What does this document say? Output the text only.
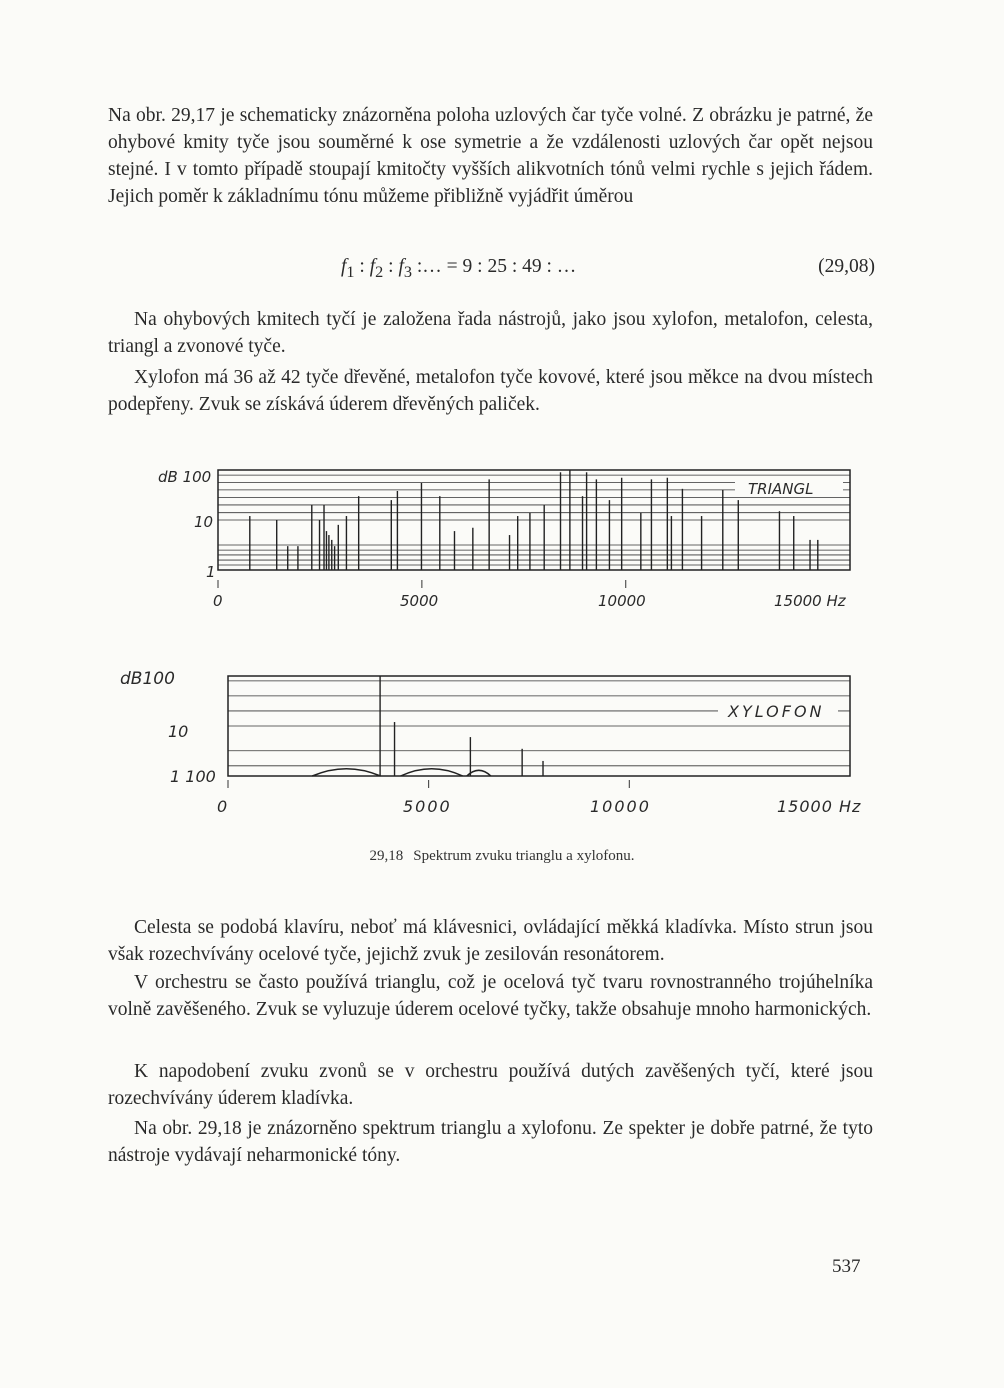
Na obr. 29,17 je schematicky znázorněna poloha uzlových čar tyče volné. Z obrázku je patrné, že ohybové kmity tyče jsou souměrné k ose symetrie a že vzdálenosti uzlových čar opět nejsou stejné. I v tomto případě stoupají kmitočty vyšších alikvotních tónů velmi rychle s jejich řádem. Jejich poměr k základnímu tónu můžeme přibližně vyjádřit úměrou

$f_1$ : $f_2$ : $f_3$ :… = 9 : 25 : 49 : …	(29,08)

Na ohybových kmitech tyčí je založena řada nástrojů, jako jsou xylofon, metalofon, celesta, triangl a zvonové tyče.

Xylofon má 36 až 42 tyče dřevěné, metalofon tyče kovové, které jsou měkce na dvou místech podepřeny. Zvuk se získává úderem dřevěných paliček.

TRIANGL
dB 100
10
1
0	5000	10000	15000 Hz
XYLOFON
dB100
10
1 100
0	5000	10000	15000 Hz
29,18 Spektrum zvuku trianglu a xylofonu.

Celesta se podobá klavíru, neboť má klávesnici, ovládající měkká kladívka. Místo strun jsou však rozechvívány ocelové tyče, jejichž zvuk je zesilován resonátorem.

V orchestru se často používá trianglu, což je ocelová tyč tvaru rovnostranného trojúhelníka volně zavěšeného. Zvuk se vyluzuje úderem ocelové tyčky, takže obsahuje mnoho harmonických.

K napodobení zvuku zvonů se v orchestru používá dutých zavěšených tyčí, které jsou rozechvívány úderem kladívka.

Na obr. 29,18 je znázorněno spektrum trianglu a xylofonu. Ze spekter je dobře patrné, že tyto nástroje vydávají neharmonické tóny.

537
